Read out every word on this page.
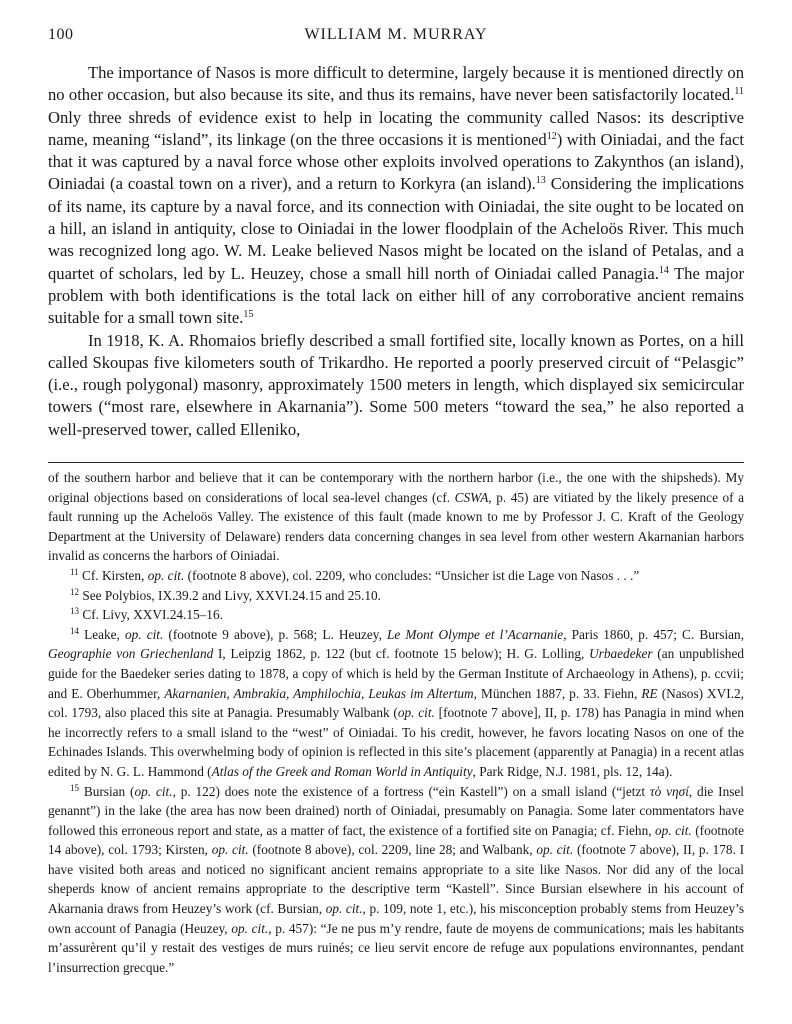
100	WILLIAM M. MURRAY

The importance of Nasos is more difficult to determine, largely because it is mentioned directly on no other occasion, but also because its site, and thus its remains, have never been satisfactorily located.$^{11}$ Only three shreds of evidence exist to help in locating the community called Nasos: its descriptive name, meaning “island”, its linkage (on the three occasions it is mentioned$^{12}$) with Oiniadai, and the fact that it was captured by a naval force whose other exploits involved operations to Zakynthos (an island), Oiniadai (a coastal town on a river), and a return to Korkyra (an island).$^{13}$ Considering the implications of its name, its capture by a naval force, and its connection with Oiniadai, the site ought to be located on a hill, an island in antiquity, close to Oiniadai in the lower floodplain of the Acheloös River. This much was recognized long ago. W. M. Leake believed Nasos might be located on the island of Petalas, and a quartet of scholars, led by L. Heuzey, chose a small hill north of Oiniadai called Panagia.$^{14}$ The major problem with both identifications is the total lack on either hill of any corroborative ancient remains suitable for a small town site.$^{15}$

In 1918, K. A. Rhomaios briefly described a small fortified site, locally known as Portes, on a hill called Skoupas five kilometers south of Trikardho. He reported a poorly preserved circuit of “Pelasgic” (i.e., rough polygonal) masonry, approximately 1500 meters in length, which displayed six semicircular towers (“most rare, elsewhere in Akarnania”). Some 500 meters “toward the sea,” he also reported a well-preserved tower, called Elleniko,

of the southern harbor and believe that it can be contemporary with the northern harbor (i.e., the one with the shipsheds). My original objections based on considerations of local sea-level changes (cf. CSWA, p. 45) are vitiated by the likely presence of a fault running up the Acheloös Valley. The existence of this fault (made known to me by Professor J. C. Kraft of the Geology Department at the University of Delaware) renders data concerning changes in sea level from other western Akarnanian harbors invalid as concerns the harbors of Oiniadai.

$^{11}$ Cf. Kirsten, op. cit. (footnote 8 above), col. 2209, who concludes: “Unsicher ist die Lage von Nasos . . .”

$^{12}$ See Polybios, IX.39.2 and Livy, XXVI.24.15 and 25.10.

$^{13}$ Cf. Livy, XXVI.24.15–16.

$^{14}$ Leake, op. cit. (footnote 9 above), p. 568; L. Heuzey, Le Mont Olympe et l’Acarnanie, Paris 1860, p. 457; C. Bursian, Geographie von Griechenland I, Leipzig 1862, p. 122 (but cf. footnote 15 below); H. G. Lolling, Urbaedeker (an unpublished guide for the Baedeker series dating to 1878, a copy of which is held by the German Institute of Archaeology in Athens), p. ccvii; and E. Oberhummer, Akarnanien, Ambrakia, Amphilochia, Leukas im Altertum, München 1887, p. 33. Fiehn, RE (Nasos) XVI.2, col. 1793, also placed this site at Panagia. Presumably Walbank (op. cit. [footnote 7 above], II, p. 178) has Panagia in mind when he incorrectly refers to a small island to the “west” of Oiniadai. To his credit, however, he favors locating Nasos on one of the Echinades Islands. This overwhelming body of opinion is reflected in this site’s placement (apparently at Panagia) in a recent atlas edited by N. G. L. Hammond (Atlas of the Greek and Roman World in Antiquity, Park Ridge, N.J. 1981, pls. 12, 14a).

$^{15}$ Bursian (op. cit., p. 122) does note the existence of a fortress (“ein Kastell”) on a small island (“jetzt τὸ νησί, die Insel genannt”) in the lake (the area has now been drained) north of Oiniadai, presumably on Panagia. Some later commentators have followed this erroneous report and state, as a matter of fact, the existence of a fortified site on Panagia; cf. Fiehn, op. cit. (footnote 14 above), col. 1793; Kirsten, op. cit. (footnote 8 above), col. 2209, line 28; and Walbank, op. cit. (footnote 7 above), II, p. 178. I have visited both areas and noticed no significant ancient remains appropriate to a site like Nasos. Nor did any of the local sheperds know of ancient remains appropriate to the descriptive term “Kastell”. Since Bursian elsewhere in his account of Akarnania draws from Heuzey’s work (cf. Bursian, op. cit., p. 109, note 1, etc.), his misconception probably stems from Heuzey’s own account of Panagia (Heuzey, op. cit., p. 457): “Je ne pus m’y rendre, faute de moyens de communications; mais les habitants m’assurèrent qu’il y restait des vestiges de murs ruinés; ce lieu servit encore de refuge aux populations environnantes, pendant l’insurrection grecque.”
